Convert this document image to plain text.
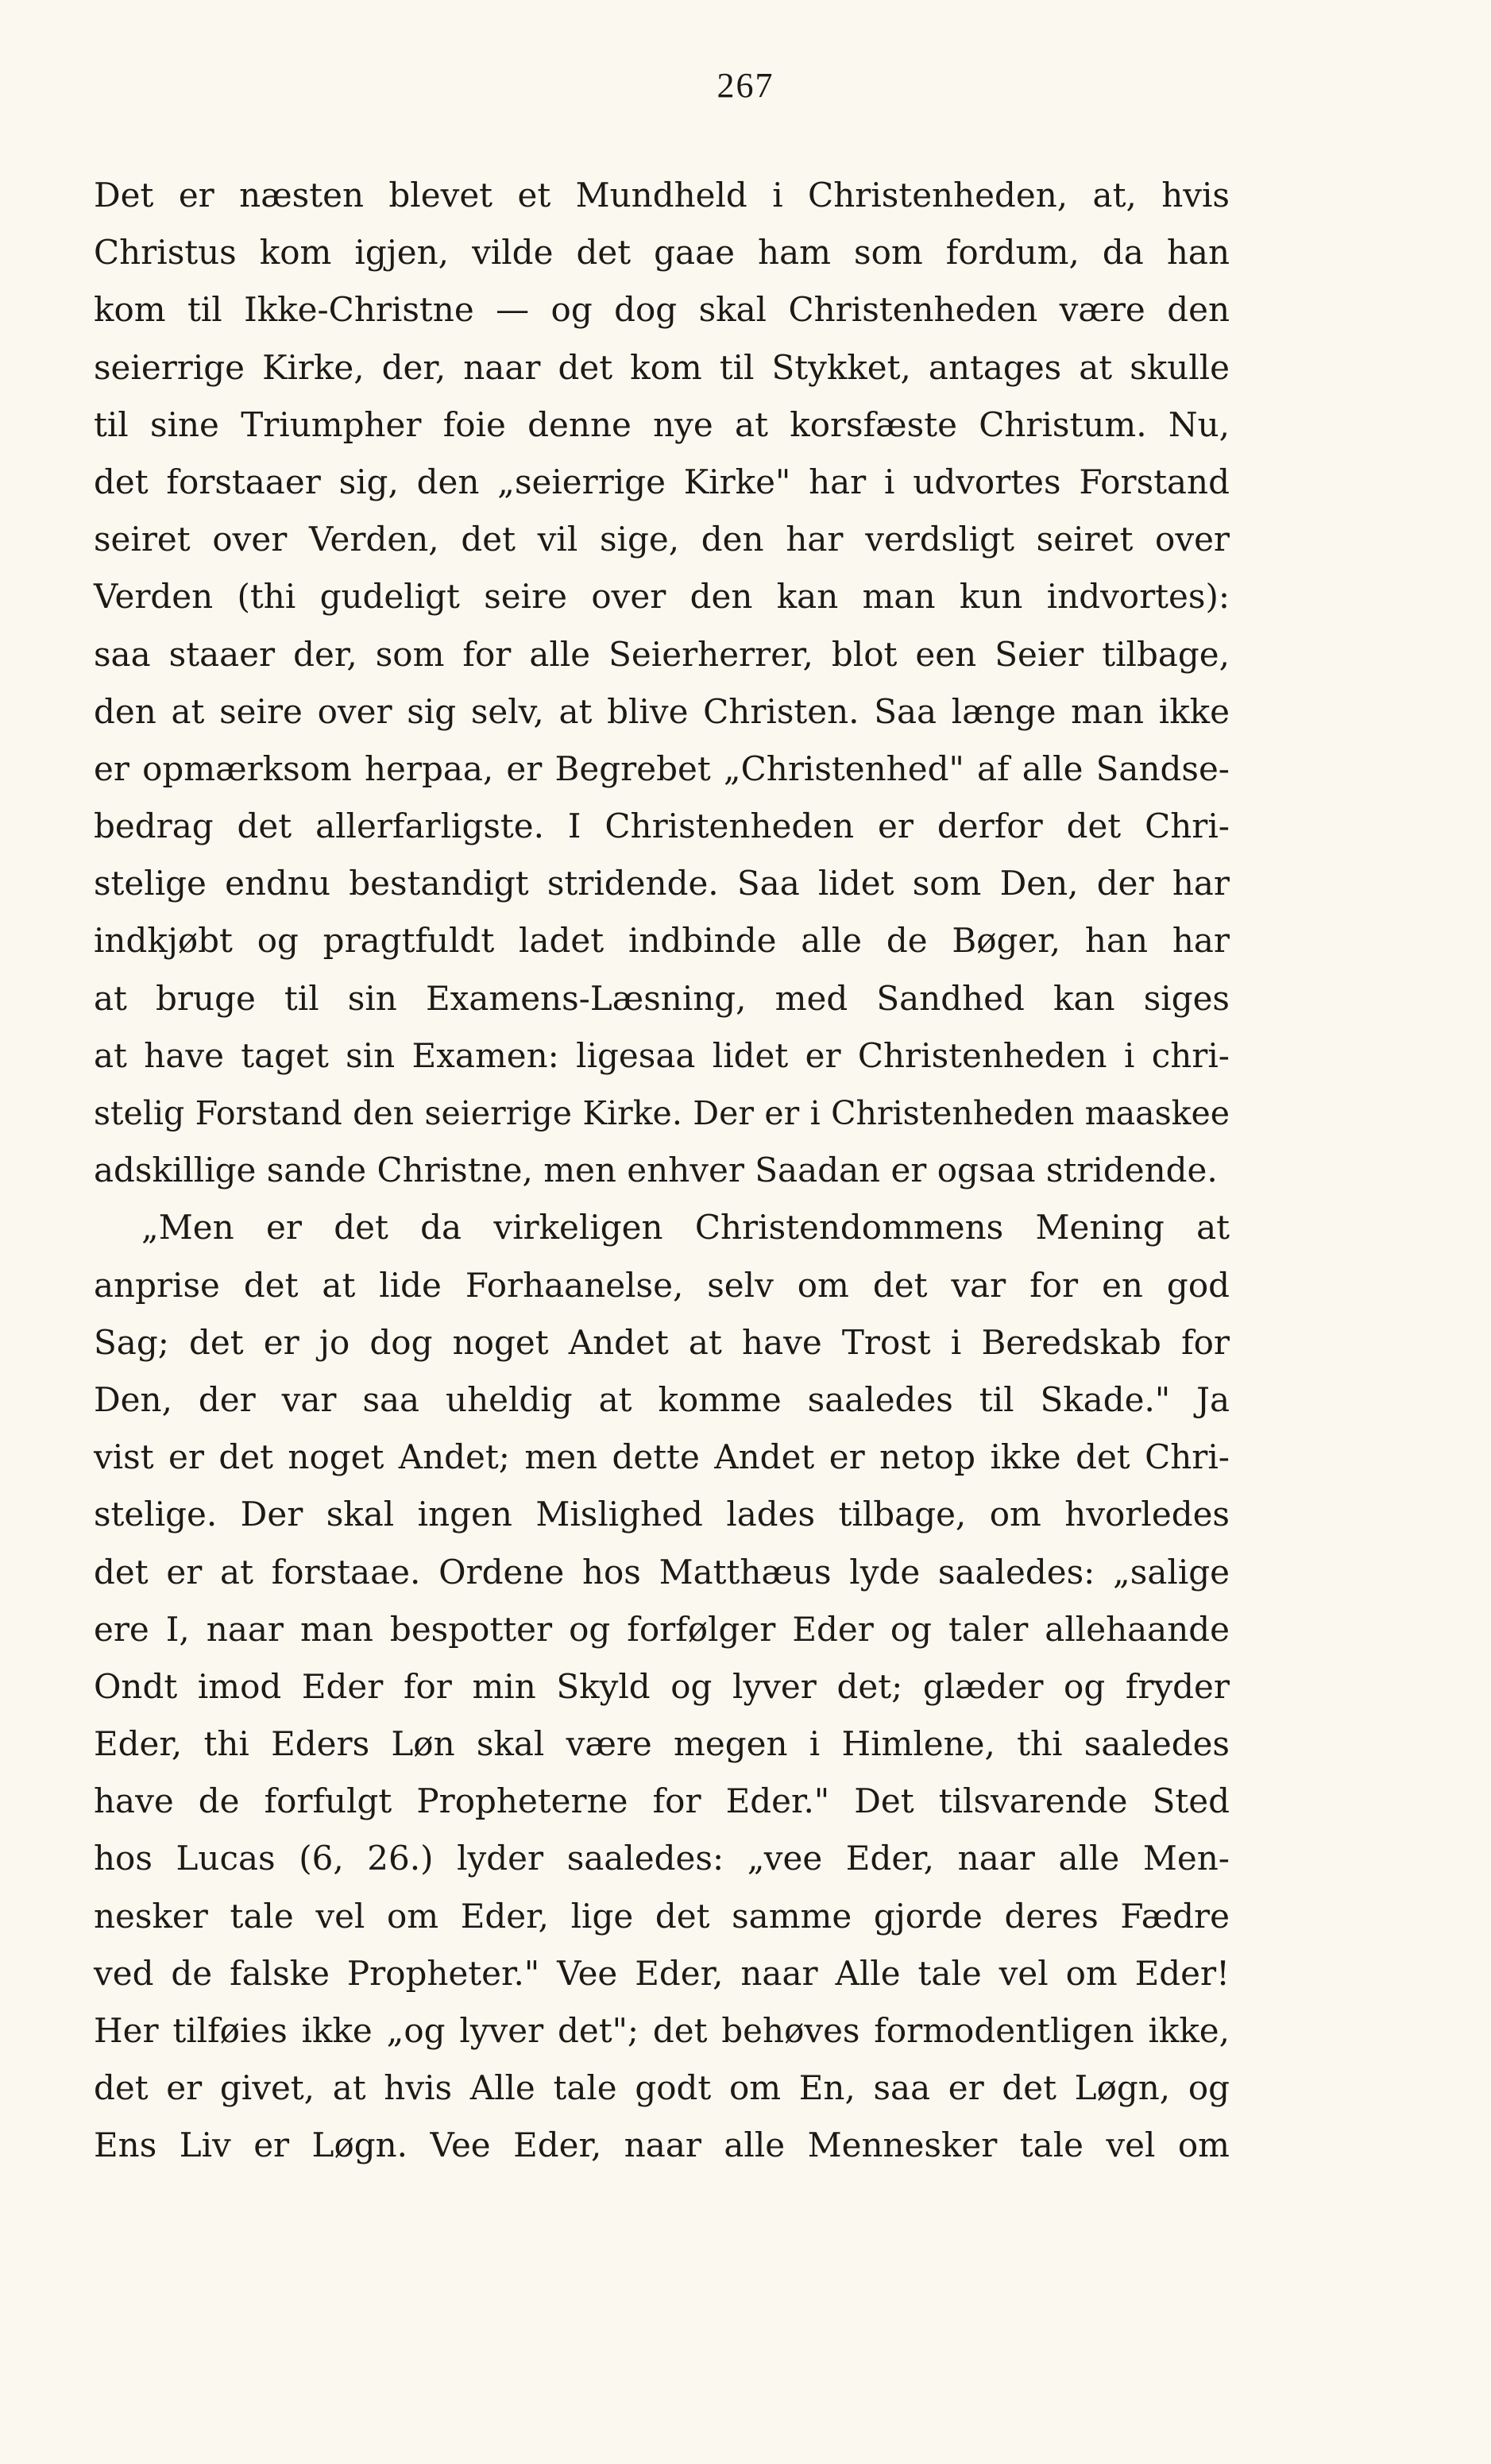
267
Det er næsten blevet et Mundheld i Christenheden, at, hvis
Christus kom igjen, vilde det gaae ham som fordum, da han
kom til Ikke-Christne — og dog skal Christenheden være den
seierrige Kirke, der, naar det kom til Stykket, antages at skulle
til sine Triumpher foie denne nye at korsfæste Christum. Nu,
det forstaaer sig, den „seierrige Kirke" har i udvortes Forstand
seiret over Verden, det vil sige, den har verdsligt seiret over
Verden (thi gudeligt seire over den kan man kun indvortes):
saa staaer der, som for alle Seierherrer, blot een Seier tilbage,
den at seire over sig selv, at blive Christen. Saa længe man ikke
er opmærksom herpaa, er Begrebet „Christenhed" af alle Sandse-
bedrag det allerfarligste. I Christenheden er derfor det Chri-
stelige endnu bestandigt stridende. Saa lidet som Den, der har
indkjøbt og pragtfuldt ladet indbinde alle de Bøger, han har
at bruge til sin Examens-Læsning, med Sandhed kan siges
at have taget sin Examen: ligesaa lidet er Christenheden i chri-
stelig Forstand den seierrige Kirke. Der er i Christenheden maaskee
adskillige sande Christne, men enhver Saadan er ogsaa stridende.
„Men er det da virkeligen Christendommens Mening at
anprise det at lide Forhaanelse, selv om det var for en god
Sag; det er jo dog noget Andet at have Trost i Beredskab for
Den, der var saa uheldig at komme saaledes til Skade." Ja
vist er det noget Andet; men dette Andet er netop ikke det Chri-
stelige. Der skal ingen Mislighed lades tilbage, om hvorledes
det er at forstaae. Ordene hos Matthæus lyde saaledes: „salige
ere I, naar man bespotter og forfølger Eder og taler allehaande
Ondt imod Eder for min Skyld og lyver det; glæder og fryder
Eder, thi Eders Løn skal være megen i Himlene, thi saaledes
have de forfulgt Propheterne for Eder." Det tilsvarende Sted
hos Lucas (6, 26.) lyder saaledes: „vee Eder, naar alle Men-
nesker tale vel om Eder, lige det samme gjorde deres Fædre
ved de falske Propheter." Vee Eder, naar Alle tale vel om Eder!
Her tilføies ikke „og lyver det"; det behøves formodentligen ikke,
det er givet, at hvis Alle tale godt om En, saa er det Løgn, og
Ens Liv er Løgn. Vee Eder, naar alle Mennesker tale vel om
